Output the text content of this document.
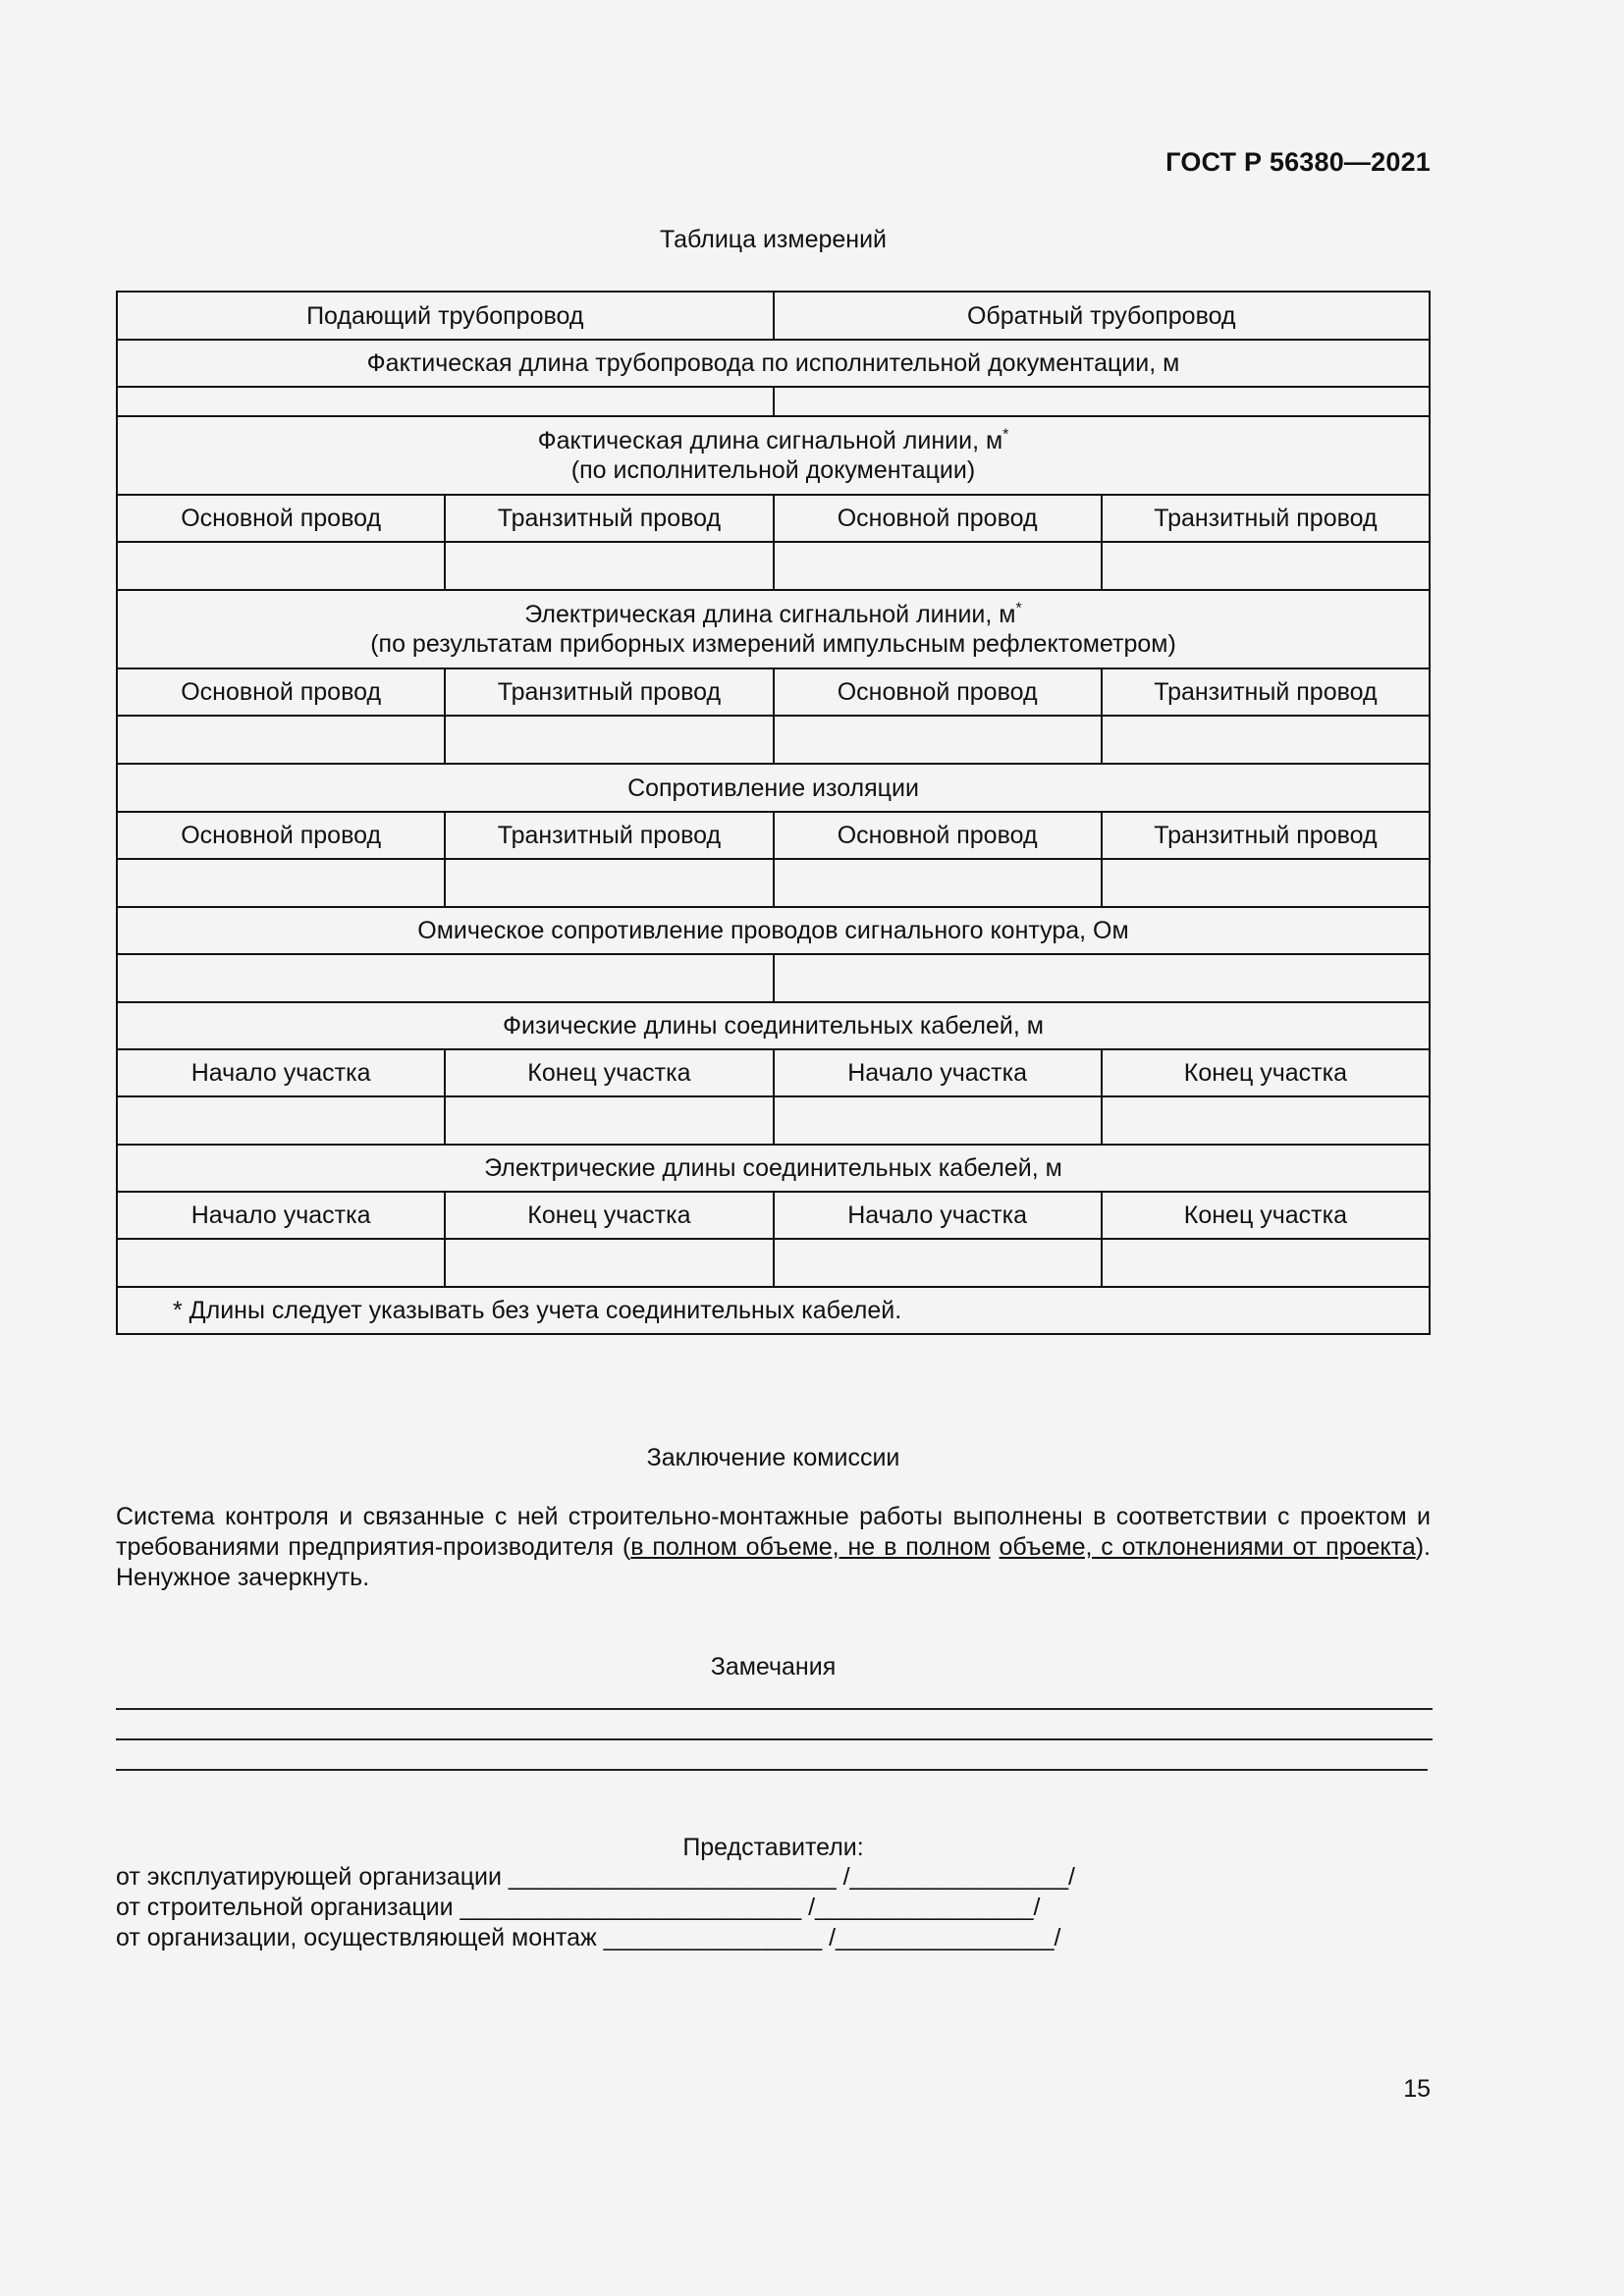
ГОСТ Р 56380—2021
Таблица измерений
Подающий трубопровод		Обратный трубопровод	
Фактическая длина трубопровода по исполнительной документации, м			

Фактическая длина сигнальной линии, м*
(по исполнительной документации)			
Основной провод	Транзитный провод	Основной провод	Транзитный провод

Электрическая длина сигнальной линии, м*
(по результатам приборных измерений импульсным рефлектометром)			
Основной провод	Транзитный провод	Основной провод	Транзитный провод

Сопротивление изоляции			
Основной провод	Транзитный провод	Основной провод	Транзитный провод

Омическое сопротивление проводов сигнального контура, Ом			

Физические длины соединительных кабелей, м			
Начало участка	Конец участка	Начало участка	Конец участка

Электрические длины соединительных кабелей, м			
Начало участка	Конец участка	Начало участка	Конец участка

* Длины следует указывать без учета соединительных кабелей.			
Заключение комиссии
Система контроля и связанные с ней строительно-монтажные работы выполнены в соответствии с проектом и требованиями предприятия-производителя (в полном объеме, не в полном объеме, с отклонениями от проекта). Ненужное зачеркнуть.
Замечания
Представители:
от эксплуатирующей организации ________________________ /________________/
от строительной организации _________________________ /________________/
от организации, осуществляющей монтаж ________________ /________________/
15
